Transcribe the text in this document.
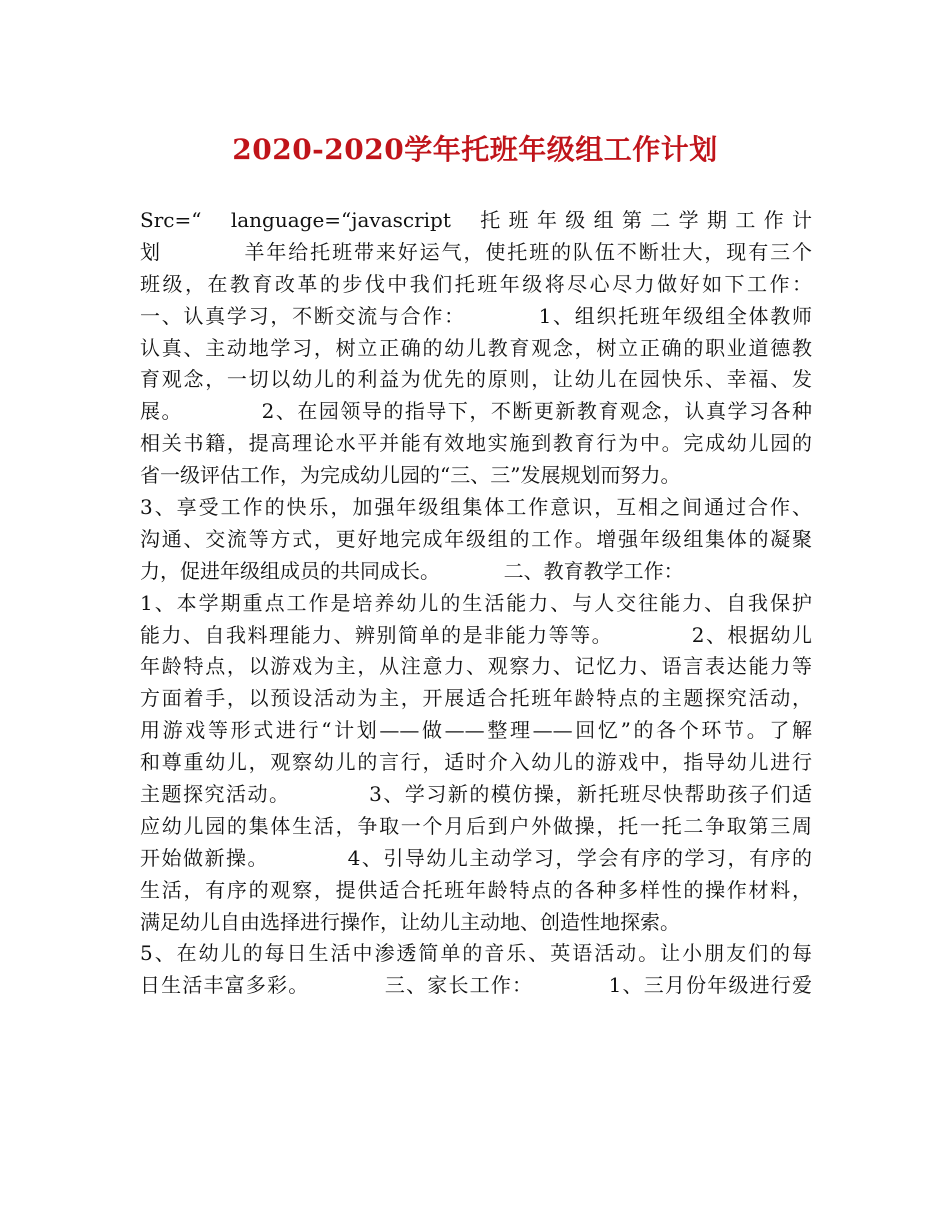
2020-2020学年托班年级组工作计划
Src=“  language=“javascript  托班年级组第二学期工作计
划          羊年给托班带来好运气，使托班的队伍不断壮大，现有三个
班级，在教育改革的步伐中我们托班年级将尽心尽力做好如下工作：
一、认真学习，不断交流与合作：         1、组织托班年级组全体教师
认真、主动地学习，树立正确的幼儿教育观念，树立正确的职业道德教
育观念，一切以幼儿的利益为优先的原则，让幼儿在园快乐、幸福、发
展。          2、在园领导的指导下，不断更新教育观念，认真学习各种
相关书籍，提高理论水平并能有效地实施到教育行为中。完成幼儿园的
省一级评估工作，为完成幼儿园的“三、三”发展规划而努力。
3、享受工作的快乐，加强年级组集体工作意识，互相之间通过合作、
沟通、交流等方式，更好地完成年级组的工作。增强年级组集体的凝聚
力，促进年级组成员的共同成长。          二、教育教学工作：
1、本学期重点工作是培养幼儿的生活能力、与人交往能力、自我保护
能力、自我料理能力、辨别简单的是非能力等等。          2、根据幼儿
年龄特点，以游戏为主，从注意力、观察力、记忆力、语言表达能力等
方面着手，以预设活动为主，开展适合托班年龄特点的主题探究活动，
用游戏等形式进行“计划——做——整理——回忆”的各个环节。了解
和尊重幼儿，观察幼儿的言行，适时介入幼儿的游戏中，指导幼儿进行
主题探究活动。          3、学习新的模仿操，新托班尽快帮助孩子们适
应幼儿园的集体生活，争取一个月后到户外做操，托一托二争取第三周
开始做新操。          4、引导幼儿主动学习，学会有序的学习，有序的
生活，有序的观察，提供适合托班年龄特点的各种多样性的操作材料，
满足幼儿自由选择进行操作，让幼儿主动地、创造性地探索。
5、在幼儿的每日生活中渗透简单的音乐、英语活动。让小朋友们的每
日生活丰富多彩。          三、家长工作：          1、三月份年级进行爱
